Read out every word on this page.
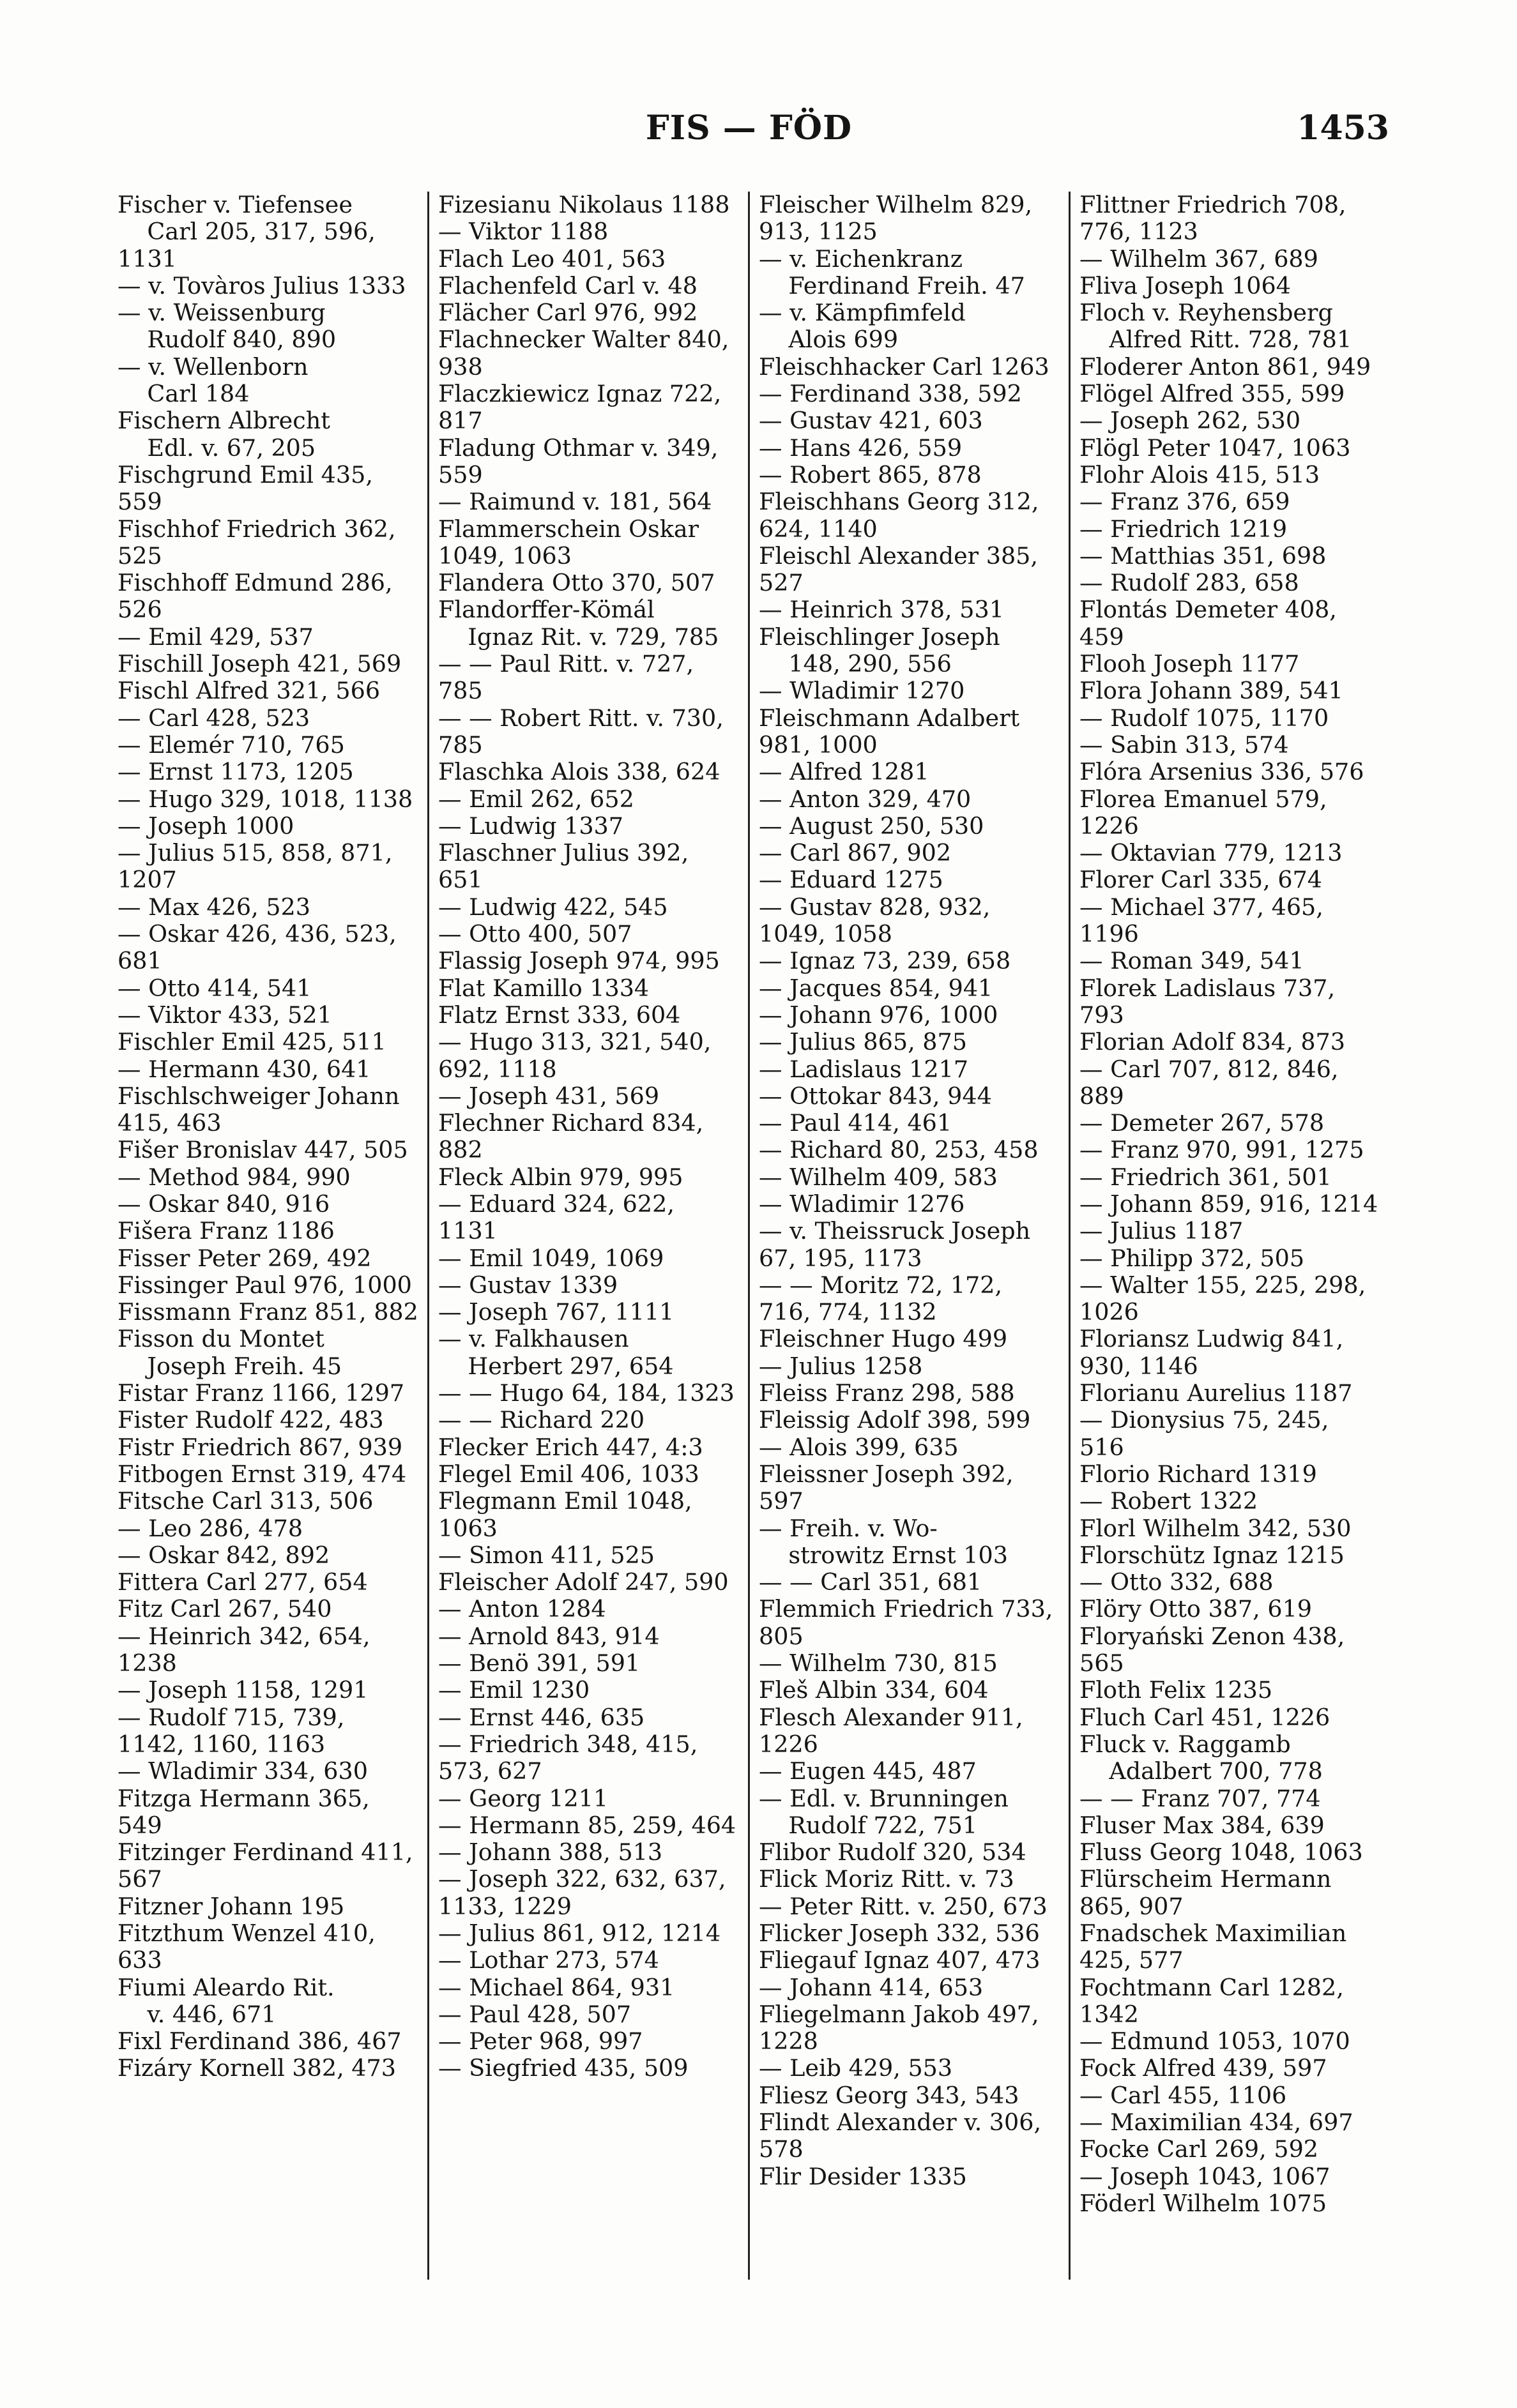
FIS — FÖD	1453
Fischer v. Tiefensee
Carl 205, 317, 596, 1131
— v. Tovàros Julius 1333
— v. Weissenburg
Rudolf 840, 890
— v. Wellenborn
Carl 184
Fischern Albrecht
Edl. v. 67, 205
Fischgrund Emil 435, 559
Fischhof Friedrich 362, 525
Fischhoff Edmund 286, 526
— Emil 429, 537
Fischill Joseph 421, 569
Fischl Alfred 321, 566
— Carl 428, 523
— Elemér 710, 765
— Ernst 1173, 1205
— Hugo 329, 1018, 1138
— Joseph 1000
— Julius 515, 858, 871, 1207
— Max 426, 523
— Oskar 426, 436, 523, 681
— Otto 414, 541
— Viktor 433, 521
Fischler Emil 425, 511
— Hermann 430, 641
Fischlschweiger Johann 415, 463
Fišer Bronislav 447, 505
— Method 984, 990
— Oskar 840, 916
Fišera Franz 1186
Fisser Peter 269, 492
Fissinger Paul 976, 1000
Fissmann Franz 851, 882
Fisson du Montet
Joseph Freih. 45
Fistar Franz 1166, 1297
Fister Rudolf 422, 483
Fistr Friedrich 867, 939
Fitbogen Ernst 319, 474
Fitsche Carl 313, 506
— Leo 286, 478
— Oskar 842, 892
Fittera Carl 277, 654
Fitz Carl 267, 540
— Heinrich 342, 654, 1238
— Joseph 1158, 1291
— Rudolf 715, 739, 1142, 1160, 1163
— Wladimir 334, 630
Fitzga Hermann 365, 549
Fitzinger Ferdinand 411, 567
Fitzner Johann 195
Fitzthum Wenzel 410, 633
Fiumi Aleardo Rit.
v. 446, 671
Fixl Ferdinand 386, 467
Fizáry Kornell 382, 473
Fizesianu Nikolaus 1188
— Viktor 1188
Flach Leo 401, 563
Flachenfeld Carl v. 48
Flächer Carl 976, 992
Flachnecker Walter 840, 938
Flaczkiewicz Ignaz 722, 817
Fladung Othmar v. 349, 559
— Raimund v. 181, 564
Flammerschein Oskar 1049, 1063
Flandera Otto 370, 507
Flandorffer-Kömál
Ignaz Rit. v. 729, 785
— — Paul Ritt. v. 727, 785
— — Robert Ritt. v. 730, 785
Flaschka Alois 338, 624
— Emil 262, 652
— Ludwig 1337
Flaschner Julius 392, 651
— Ludwig 422, 545
— Otto 400, 507
Flassig Joseph 974, 995
Flat Kamillo 1334
Flatz Ernst 333, 604
— Hugo 313, 321, 540, 692, 1118
— Joseph 431, 569
Flechner Richard 834, 882
Fleck Albin 979, 995
— Eduard 324, 622, 1131
— Emil 1049, 1069
— Gustav 1339
— Joseph 767, 1111
— v. Falkhausen
Herbert 297, 654
— — Hugo 64, 184, 1323
— — Richard 220
Flecker Erich 447, 4:3
Flegel Emil 406, 1033
Flegmann Emil 1048, 1063
— Simon 411, 525
Fleischer Adolf 247, 590
— Anton 1284
— Arnold 843, 914
— Benö 391, 591
— Emil 1230
— Ernst 446, 635
— Friedrich 348, 415, 573, 627
— Georg 1211
— Hermann 85, 259, 464
— Johann 388, 513
— Joseph 322, 632, 637, 1133, 1229
— Julius 861, 912, 1214
— Lothar 273, 574
— Michael 864, 931
— Paul 428, 507
— Peter 968, 997
— Siegfried 435, 509
Fleischer Wilhelm 829, 913, 1125
— v. Eichenkranz
Ferdinand Freih. 47
— v. Kämpfimfeld
Alois 699
Fleischhacker Carl 1263
— Ferdinand 338, 592
— Gustav 421, 603
— Hans 426, 559
— Robert 865, 878
Fleischhans Georg 312, 624, 1140
Fleischl Alexander 385, 527
— Heinrich 378, 531
Fleischlinger Joseph
148, 290, 556
— Wladimir 1270
Fleischmann Adalbert 981, 1000
— Alfred 1281
— Anton 329, 470
— August 250, 530
— Carl 867, 902
— Eduard 1275
— Gustav 828, 932, 1049, 1058
— Ignaz 73, 239, 658
— Jacques 854, 941
— Johann 976, 1000
— Julius 865, 875
— Ladislaus 1217
— Ottokar 843, 944
— Paul 414, 461
— Richard 80, 253, 458
— Wilhelm 409, 583
— Wladimir 1276
— v. Theissruck Joseph 67, 195, 1173
— — Moritz 72, 172, 716, 774, 1132
Fleischner Hugo 499
— Julius 1258
Fleiss Franz 298, 588
Fleissig Adolf 398, 599
— Alois 399, 635
Fleissner Joseph 392, 597
— Freih. v. Wo-
strowitz Ernst 103
— — Carl 351, 681
Flemmich Friedrich 733, 805
— Wilhelm 730, 815
Fleš Albin 334, 604
Flesch Alexander 911, 1226
— Eugen 445, 487
— Edl. v. Brunningen
Rudolf 722, 751
Flibor Rudolf 320, 534
Flick Moriz Ritt. v. 73
— Peter Ritt. v. 250, 673
Flicker Joseph 332, 536
Fliegauf Ignaz 407, 473
— Johann 414, 653
Fliegelmann Jakob 497, 1228
— Leib 429, 553
Fliesz Georg 343, 543
Flindt Alexander v. 306, 578
Flir Desider 1335
Flittner Friedrich 708, 776, 1123
— Wilhelm 367, 689
Fliva Joseph 1064
Floch v. Reyhensberg
Alfred Ritt. 728, 781
Floderer Anton 861, 949
Flögel Alfred 355, 599
— Joseph 262, 530
Flögl Peter 1047, 1063
Flohr Alois 415, 513
— Franz 376, 659
— Friedrich 1219
— Matthias 351, 698
— Rudolf 283, 658
Flontás Demeter 408, 459
Flooh Joseph 1177
Flora Johann 389, 541
— Rudolf 1075, 1170
— Sabin 313, 574
Flóra Arsenius 336, 576
Florea Emanuel 579, 1226
— Oktavian 779, 1213
Florer Carl 335, 674
— Michael 377, 465, 1196
— Roman 349, 541
Florek Ladislaus 737, 793
Florian Adolf 834, 873
— Carl 707, 812, 846, 889
— Demeter 267, 578
— Franz 970, 991, 1275
— Friedrich 361, 501
— Johann 859, 916, 1214
— Julius 1187
— Philipp 372, 505
— Walter 155, 225, 298, 1026
Floriansz Ludwig 841, 930, 1146
Florianu Aurelius 1187
— Dionysius 75, 245, 516
Florio Richard 1319
— Robert 1322
Florl Wilhelm 342, 530
Florschütz Ignaz 1215
— Otto 332, 688
Flöry Otto 387, 619
Floryański Zenon 438, 565
Floth Felix 1235
Fluch Carl 451, 1226
Fluck v. Raggamb
Adalbert 700, 778
— — Franz 707, 774
Fluser Max 384, 639
Fluss Georg 1048, 1063
Flürscheim Hermann 865, 907
Fnadschek Maximilian 425, 577
Fochtmann Carl 1282, 1342
— Edmund 1053, 1070
Fock Alfred 439, 597
— Carl 455, 1106
— Maximilian 434, 697
Focke Carl 269, 592
— Joseph 1043, 1067
Föderl Wilhelm 1075
